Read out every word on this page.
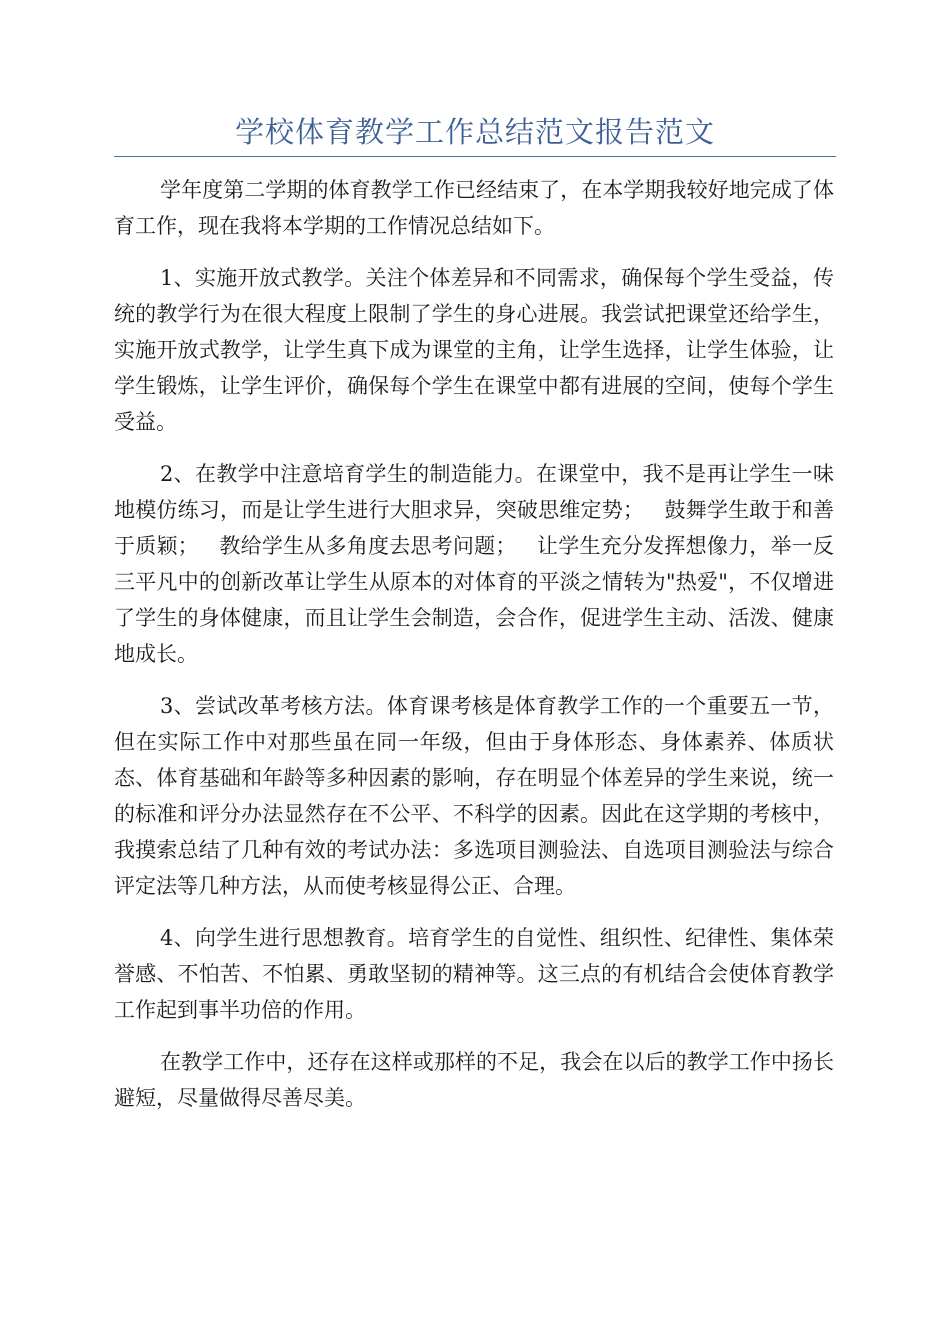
学校体育教学工作总结范文报告范文

学年度第二学期的体育教学工作已经结束了，在本学期我较好地完成了体育工作，现在我将本学期的工作情况总结如下。

1、实施开放式教学。关注个体差异和不同需求，确保每个学生受益，传统的教学行为在很大程度上限制了学生的身心进展。我尝试把课堂还给学生，实施开放式教学，让学生真下成为课堂的主角，让学生选择，让学生体验，让学生锻炼，让学生评价，确保每个学生在课堂中都有进展的空间，使每个学生受益。

2、在教学中注意培育学生的制造能力。在课堂中，我不是再让学生一味地模仿练习，而是让学生进行大胆求异，突破思维定势；   鼓舞学生敢于和善于质颖；   教给学生从多角度去思考问题；   让学生充分发挥想像力，举一反三平凡中的创新改革让学生从原本的对体育的平淡之情转为"热爱"，不仅增进了学生的身体健康，而且让学生会制造，会合作，促进学生主动、活泼、健康地成长。

3、尝试改革考核方法。体育课考核是体育教学工作的一个重要五一节，但在实际工作中对那些虽在同一年级，但由于身体形态、身体素养、体质状态、体育基础和年龄等多种因素的影响，存在明显个体差异的学生来说，统一的标准和评分办法显然存在不公平、不科学的因素。因此在这学期的考核中，我摸索总结了几种有效的考试办法：多选项目测验法、自选项目测验法与综合评定法等几种方法，从而使考核显得公正、合理。

4、向学生进行思想教育。培育学生的自觉性、组织性、纪律性、集体荣誉感、不怕苦、不怕累、勇敢坚韧的精神等。这三点的有机结合会使体育教学工作起到事半功倍的作用。

在教学工作中，还存在这样或那样的不足，我会在以后的教学工作中扬长避短，尽量做得尽善尽美。
